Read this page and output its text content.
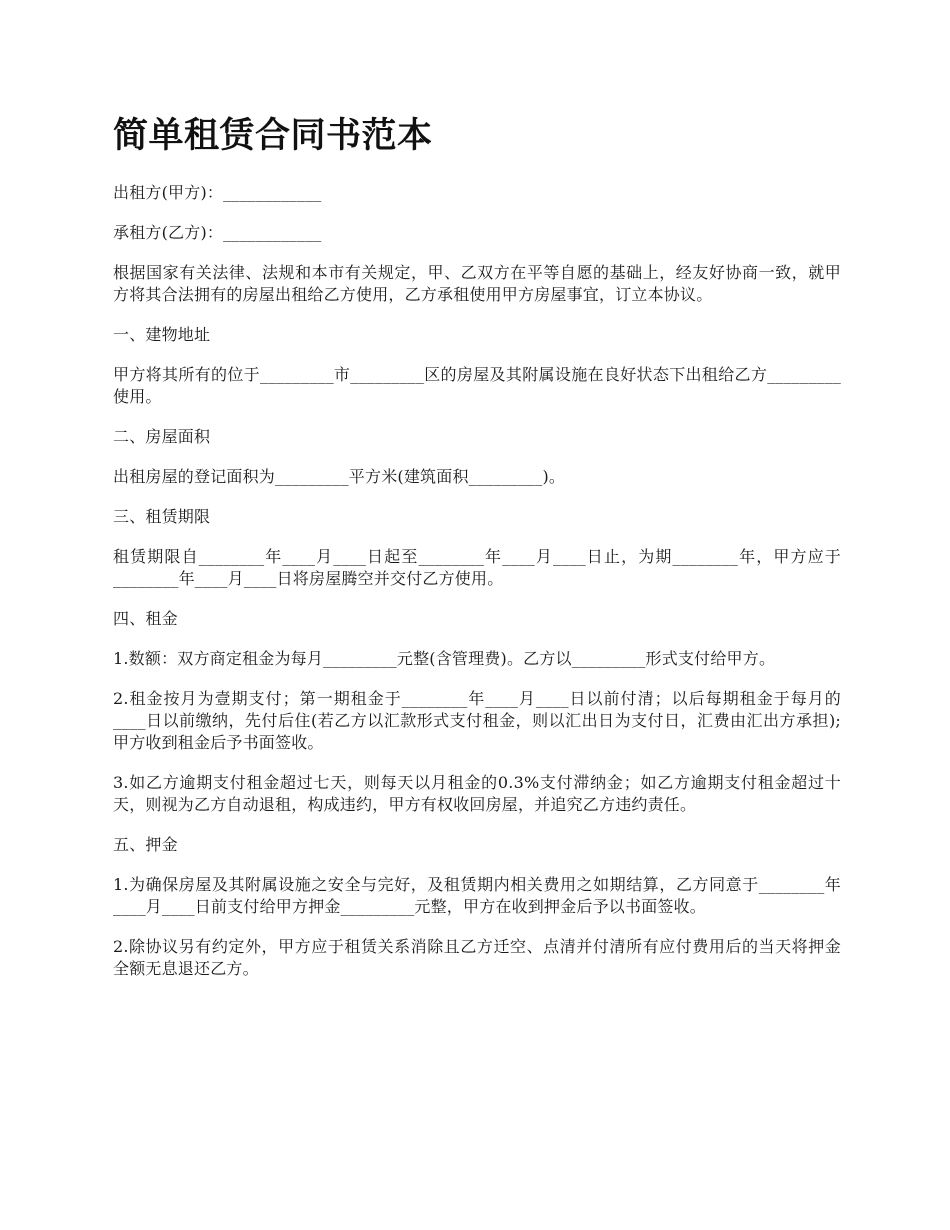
简单租赁合同书范本

出租方(甲方)：____________

承租方(乙方)：____________

根据国家有关法律、法规和本市有关规定，甲、乙双方在平等自愿的基础上，经友好协商一致，就甲方将其合法拥有的房屋出租给乙方使用，乙方承租使用甲方房屋事宜，订立本协议。

一、建物地址

甲方将其所有的位于_________市_________区的房屋及其附属设施在良好状态下出租给乙方_________使用。

二、房屋面积

出租房屋的登记面积为_________平方米(建筑面积_________)。

三、租赁期限

租赁期限自________年____月____日起至________年____月____日止，为期________年，甲方应于________年____月____日将房屋腾空并交付乙方使用。

四、租金

1.数额：双方商定租金为每月_________元整(含管理费)。乙方以_________形式支付给甲方。

2.租金按月为壹期支付；第一期租金于________年____月____日以前付清；以后每期租金于每月的 ____日以前缴纳，先付后住(若乙方以汇款形式支付租金，则以汇出日为支付日，汇费由汇出方承担);甲方收到租金后予书面签收。

3.如乙方逾期支付租金超过七天，则每天以月租金的0.3%支付滞纳金；如乙方逾期支付租金超过十天，则视为乙方自动退租，构成违约，甲方有权收回房屋，并追究乙方违约责任。

五、押金

1.为确保房屋及其附属设施之安全与完好，及租赁期内相关费用之如期结算，乙方同意于________年____月____日前支付给甲方押金_________元整，甲方在收到押金后予以书面签收。

2.除协议另有约定外，甲方应于租赁关系消除且乙方迁空、点清并付清所有应付费用后的当天将押金全额无息退还乙方。
